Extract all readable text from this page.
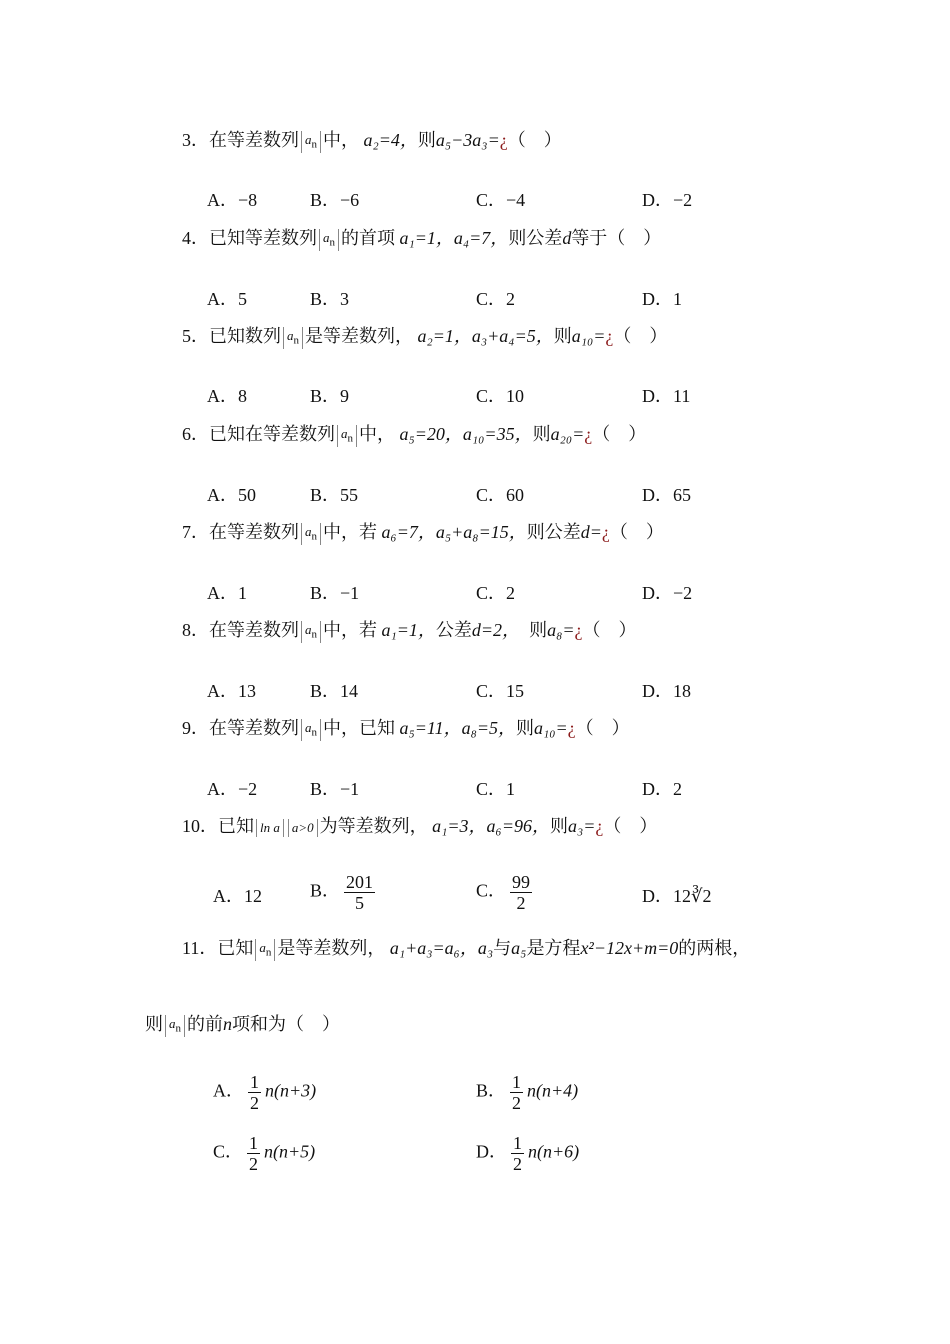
3．在等差数列 $a_n$ 中， a₂=4，则a₅−3a₃=¿（　）
A．−8	B．−6	C．−4	D．−2
4．已知等差数列 $a_n$ 的首项 a₁=1，a₄=7，则公差d等于（　）
A．5	B．3	C．2	D．1
5．已知数列 $a_n$ 是等差数列， a₂=1，a₃+a₄=5，则a₁₀=¿（　）
A．8	B．9	C．10	D．11
6．已知在等差数列 $a_n$ 中， a₅=20，a₁₀=35，则a₂₀=¿（　）
A．50	B．55	C．60	D．65
7．在等差数列 $a_n$ 中，若 a₆=7，a₅+a₈=15，则公差d=¿（　）
A．1	B．−1	C．2	D．−2
8．在等差数列 $a_n$ 中，若 a₁=1，公差d=2， 则a₈=¿（　）
A．13	B．14	C．15	D．18
9．在等差数列 $a_n$ 中，已知 a₅=11，a₈=5，则a₁₀=¿（　）
A．−2	B．−1	C．1	D．2
10．已知 ln a a>0 为等差数列， a₁=3，a₆=96，则a₃=¿（　）
A．12	B． $\frac{201}{5}$	C． $\frac{99}{2}$	D．12∛2
11．已知 $a_n$ 是等差数列， a₁+a₃=a₆，a₃与a₅是方程x²−12x+m=0的两根，
则 $a_n$ 的前n项和为（　）
A． $\frac{1}{2} n(n+3)$	B． $\frac{1}{2} n(n+4)$
C． $\frac{1}{2} n(n+5)$	D． $\frac{1}{2} n(n+6)$
